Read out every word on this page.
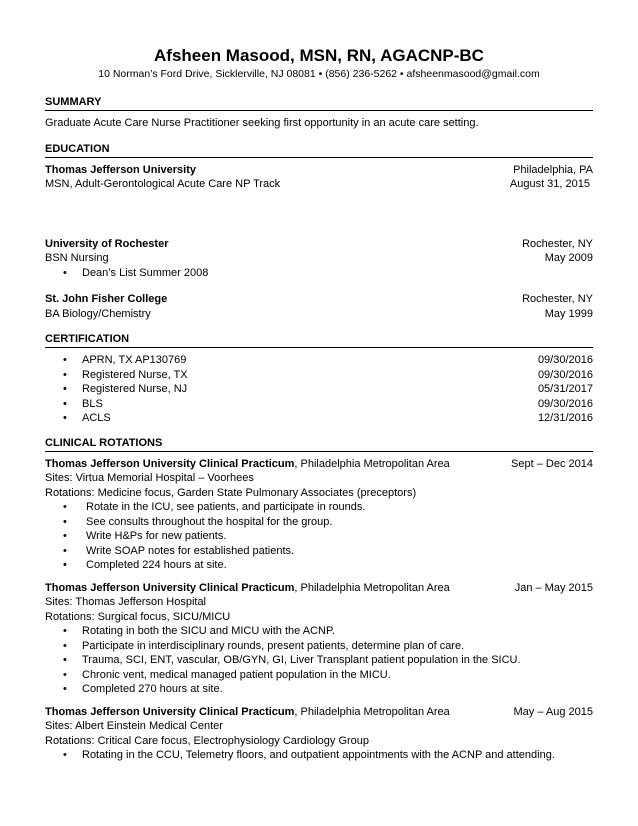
Afsheen Masood, MSN, RN, AGACNP-BC
10 Norman’s Ford Drive, Sicklerville, NJ 08081 • (856) 236-5262 • afsheenmasood@gmail.com
SUMMARY
Graduate Acute Care Nurse Practitioner seeking first opportunity in an acute care setting.
EDUCATION
Thomas Jefferson University	Philadelphia, PA
MSN, Adult-Gerontological Acute Care NP Track	August 31, 2015
University of Rochester	Rochester, NY
BSN Nursing	May 2009
• Dean’s List Summer 2008
St. John Fisher College	Rochester, NY
BA Biology/Chemistry	May 1999
CERTIFICATION
• APRN, TX AP130769	09/30/2016
• Registered Nurse, TX	09/30/2016
• Registered Nurse, NJ	05/31/2017
• BLS	09/30/2016
• ACLS	12/31/2016
CLINICAL ROTATIONS
Thomas Jefferson University Clinical Practicum, Philadelphia Metropolitan Area	Sept – Dec 2014
Sites: Virtua Memorial Hospital – Voorhees
Rotations: Medicine focus, Garden State Pulmonary Associates (preceptors)
• Rotate in the ICU, see patients, and participate in rounds.
• See consults throughout the hospital for the group.
• Write H&Ps for new patients.
• Write SOAP notes for established patients.
• Completed 224 hours at site.
Thomas Jefferson University Clinical Practicum, Philadelphia Metropolitan Area	Jan – May 2015
Sites: Thomas Jefferson Hospital
Rotations: Surgical focus, SICU/MICU
• Rotating in both the SICU and MICU with the ACNP.
• Participate in interdisciplinary rounds, present patients, determine plan of care.
• Trauma, SCI, ENT, vascular, OB/GYN, GI, Liver Transplant patient population in the SICU.
• Chronic vent, medical managed patient population in the MICU.
• Completed 270 hours at site.
Thomas Jefferson University Clinical Practicum, Philadelphia Metropolitan Area	May – Aug 2015
Sites: Albert Einstein Medical Center
Rotations: Critical Care focus, Electrophysiology Cardiology Group
• Rotating in the CCU, Telemetry floors, and outpatient appointments with the ACNP and attending.
